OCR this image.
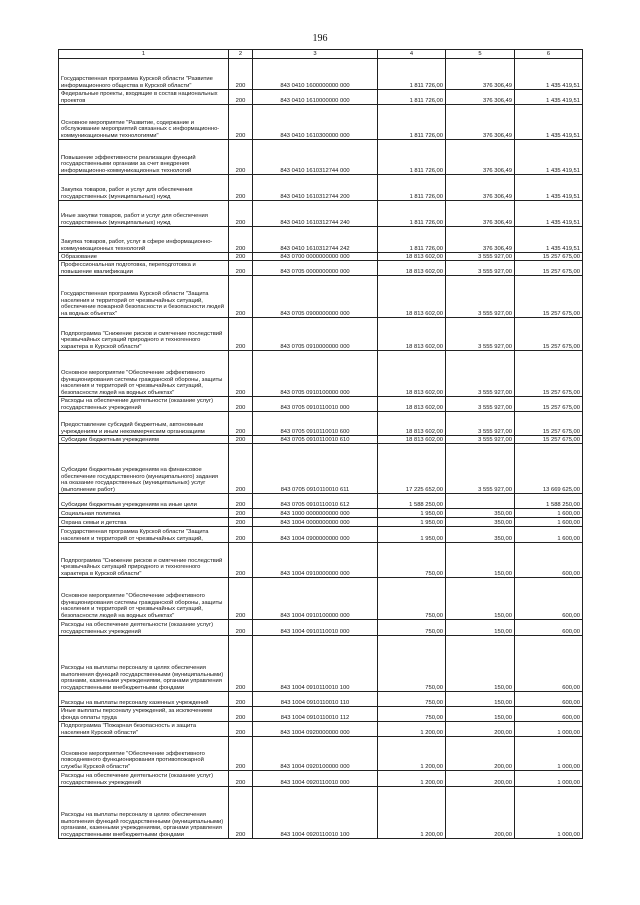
196
1	2	3	4	5	6
Государственная программа Курской области "Развитие информационного общества в Курской области"	200	843 0410 1600000000 000	1 811 726,00	376 306,49	1 435 419,51
Федеральные проекты, входящие в состав национальных проектов	200	843 0410 1610000000 000	1 811 726,00	376 306,49	1 435 419,51
Основное мероприятие "Развитие, содержание и обслуживание мероприятий связанных с информационно-коммуникационными технологиями"	200	843 0410 1610300000 000	1 811 726,00	376 306,49	1 435 419,51
Повышение эффективности реализации функций государственными органами за счет внедрения информационно-коммуникационных технологий	200	843 0410 1610312744 000	1 811 726,00	376 306,49	1 435 419,51
Закупка товаров, работ и услуг для обеспечения государственных (муниципальных) нужд	200	843 0410 1610312744 200	1 811 726,00	376 306,49	1 435 419,51
Иные закупки товаров, работ и услуг для обеспечения государственных (муниципальных) нужд	200	843 0410 1610312744 240	1 811 726,00	376 306,49	1 435 419,51
Закупка товаров, работ, услуг в сфере информационно-коммуникационных технологий	200	843 0410 1610312744 242	1 811 726,00	376 306,49	1 435 419,51
Образование	200	843 0700 0000000000 000	18 813 602,00	3 555 927,00	15 257 675,00
Профессиональная подготовка, переподготовка и повышение квалификации	200	843 0705 0000000000 000	18 813 602,00	3 555 927,00	15 257 675,00
Государственная программа Курской области "Защита населения и территорий от чрезвычайных ситуаций, обеспечение пожарной безопасности и безопасности людей на водных объектах"	200	843 0705 0900000000 000	18 813 602,00	3 555 927,00	15 257 675,00
Подпрограмма "Снижение рисков и смягчение последствий чрезвычайных ситуаций природного и техногенного характера в Курской области"	200	843 0705 0910000000 000	18 813 602,00	3 555 927,00	15 257 675,00
Основное мероприятие "Обеспечение эффективного функционирования системы гражданской обороны, защиты населения и территорий от чрезвычайных ситуаций, безопасности людей на водных объектах"	200	843 0705 0910100000 000	18 813 602,00	3 555 927,00	15 257 675,00
Расходы на обеспечение деятельности (оказание услуг) государственных учреждений	200	843 0705 0910110010 000	18 813 602,00	3 555 927,00	15 257 675,00
Предоставление субсидий бюджетным, автономным учреждениям и иным некоммерческим организациям	200	843 0705 0910110010 600	18 813 602,00	3 555 927,00	15 257 675,00
Субсидии бюджетным учреждениям	200	843 0705 0910110010 610	18 813 602,00	3 555 927,00	15 257 675,00
Субсидии бюджетным учреждениям на финансовое обеспечение государственного (муниципального) задания на оказание государственных (муниципальных) услуг (выполнение работ)	200	843 0705 0910110010 611	17 225 652,00	3 555 927,00	13 669 625,00
Субсидии бюджетным учреждениям на иные цели	200	843 0705 0910110010 612	1 588 250,00		1 588 250,00
Социальная политика	200	843 1000 0000000000 000	1 950,00	350,00	1 600,00
Охрана семьи и детства	200	843 1004 0000000000 000	1 950,00	350,00	1 600,00
Государственная программа Курской области "Защита населения и территорий от чрезвычайных ситуаций,	200	843 1004 0900000000 000	1 950,00	350,00	1 600,00
Подпрограмма "Снижение рисков и смягчение последствий чрезвычайных ситуаций природного и техногенного характера в Курской области"	200	843 1004 0910000000 000	750,00	150,00	600,00
Основное мероприятие "Обеспечение эффективного функционирования системы гражданской обороны, защиты населения и территорий от чрезвычайных ситуаций, безопасности людей на водных объектах"	200	843 1004 0910100000 000	750,00	150,00	600,00
Расходы на обеспечение деятельности (оказание услуг) государственных учреждений	200	843 1004 0910110010 000	750,00	150,00	600,00
Расходы на выплаты персоналу в целях обеспечения выполнения функций государственными (муниципальными) органами, казенными учреждениями, органами управления государственными внебюджетными фондами	200	843 1004 0910110010 100	750,00	150,00	600,00
Расходы на выплаты персоналу казенных учреждений	200	843 1004 0910110010 110	750,00	150,00	600,00
Иные выплаты персоналу учреждений, за исключением фонда оплаты труда	200	843 1004 0910110010 112	750,00	150,00	600,00
Подпрограмма "Пожарная безопасность и защита населения Курской области"	200	843 1004 0920000000 000	1 200,00	200,00	1 000,00
Основное мероприятие "Обеспечение эффективного повседневного функционирования противопожарной службы Курской области"	200	843 1004 0920100000 000	1 200,00	200,00	1 000,00
Расходы на обеспечение деятельности (оказание услуг) государственных учреждений	200	843 1004 0920110010 000	1 200,00	200,00	1 000,00
Расходы на выплаты персоналу в целях обеспечения выполнения функций государственными (муниципальными) органами, казенными учреждениями, органами управления государственными внебюджетными фондами	200	843 1004 0920110010 100	1 200,00	200,00	1 000,00
